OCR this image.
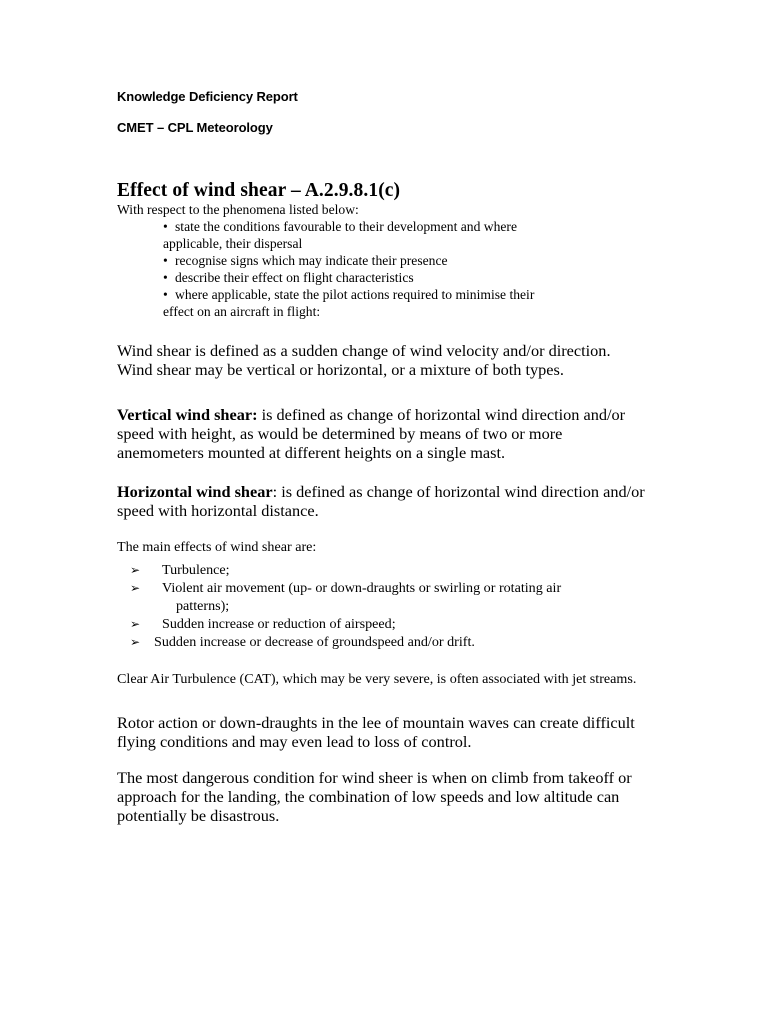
Knowledge Deficiency Report
CMET – CPL Meteorology
Effect of wind shear – A.2.9.8.1(c)
With respect to the phenomena listed below:
• state the conditions favourable to their development and where
applicable, their dispersal
• recognise signs which may indicate their presence
• describe their effect on flight characteristics
• where applicable, state the pilot actions required to minimise their
effect on an aircraft in flight:
Wind shear is defined as a sudden change of wind velocity and/or direction. Wind shear may be vertical or horizontal, or a mixture of both types.
Vertical wind shear: is defined as change of horizontal wind direction and/or speed with height, as would be determined by means of two or more anemometers mounted at different heights on a single mast.
Horizontal wind shear: is defined as change of horizontal wind direction and/or speed with horizontal distance.
The main effects of wind shear are:
➢ Turbulence;
➢ Violent air movement (up- or down-draughts or swirling or rotating air
patterns);
➢ Sudden increase or reduction of airspeed;
➢ Sudden increase or decrease of groundspeed and/or drift.
Clear Air Turbulence (CAT), which may be very severe, is often associated with jet streams.
Rotor action or down-draughts in the lee of mountain waves can create difficult flying conditions and may even lead to loss of control.
The most dangerous condition for wind sheer is when on climb from takeoff or approach for the landing, the combination of low speeds and low altitude can potentially be disastrous.
